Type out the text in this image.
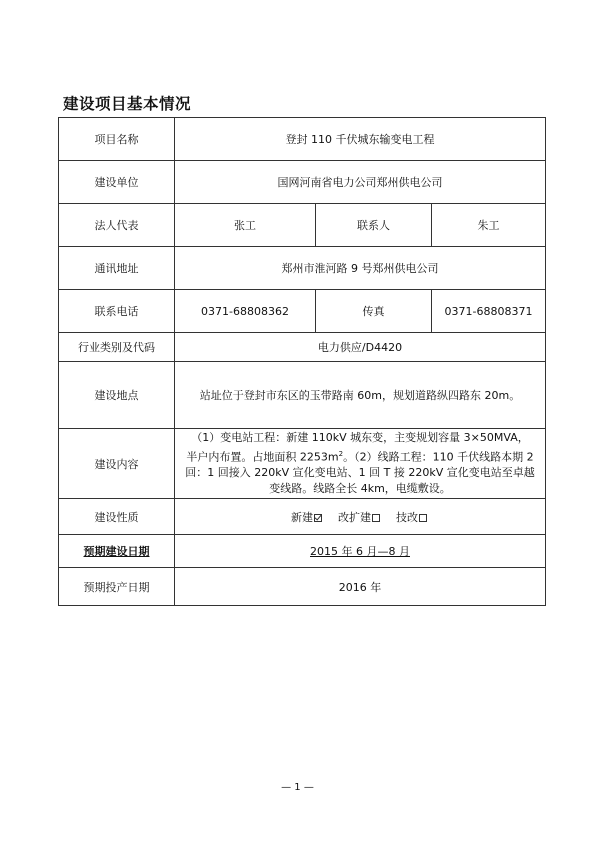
建设项目基本情况
项目名称	登封 110 千伏城东输变电工程		
建设单位	国网河南省电力公司郑州供电公司		
法人代表	张工	联系人	朱工
通讯地址	郑州市淮河路 9 号郑州供电公司		
联系电话	0371-68808362	传真	0371-68808371
行业类别及代码	电力供应/D4420		
建设地点	站址位于登封市东区的玉带路南 60m，规划道路纵四路东 20m。		
建设内容	（1）变电站工程：新建 110kV 城东变，主变规划容量 3×50MVA，
半户内布置。占地面积 $2253m^2$。（2）线路工程：110 千伏线路本期 2
回：1 回接入 220kV 宣化变电站、1 回 T 接 220kV 宣化变电站至卓越
变线路。线路全长 4km，电缆敷设。		

建设性质	新建 改扩建 技改		
预期建设日期	2015 年 6 月—8 月		
预期投产日期	2016 年		
— 1 —
